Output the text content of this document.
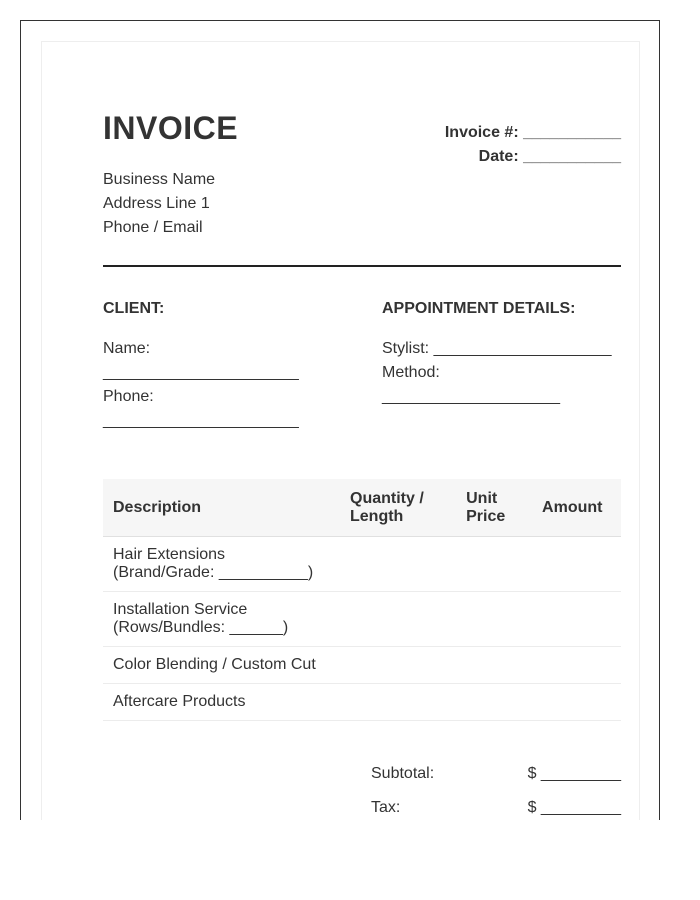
INVOICE	Invoice #: ___________
Date: ___________
Business Name
Address Line 1
Phone / Email
CLIENT:	APPOINTMENT DETAILS:
Name:
______________________
Phone:
______________________
Stylist: ____________________
Method:
____________________
Description	Quantity / Length	Unit Price	Amount
Hair Extensions (Brand/Grade: __________)			
Installation Service (Rows/Bundles: ______)			
Color Blending / Custom Cut			
Aftercare Products			
Subtotal:	$ _________
Tax:	$ _________
